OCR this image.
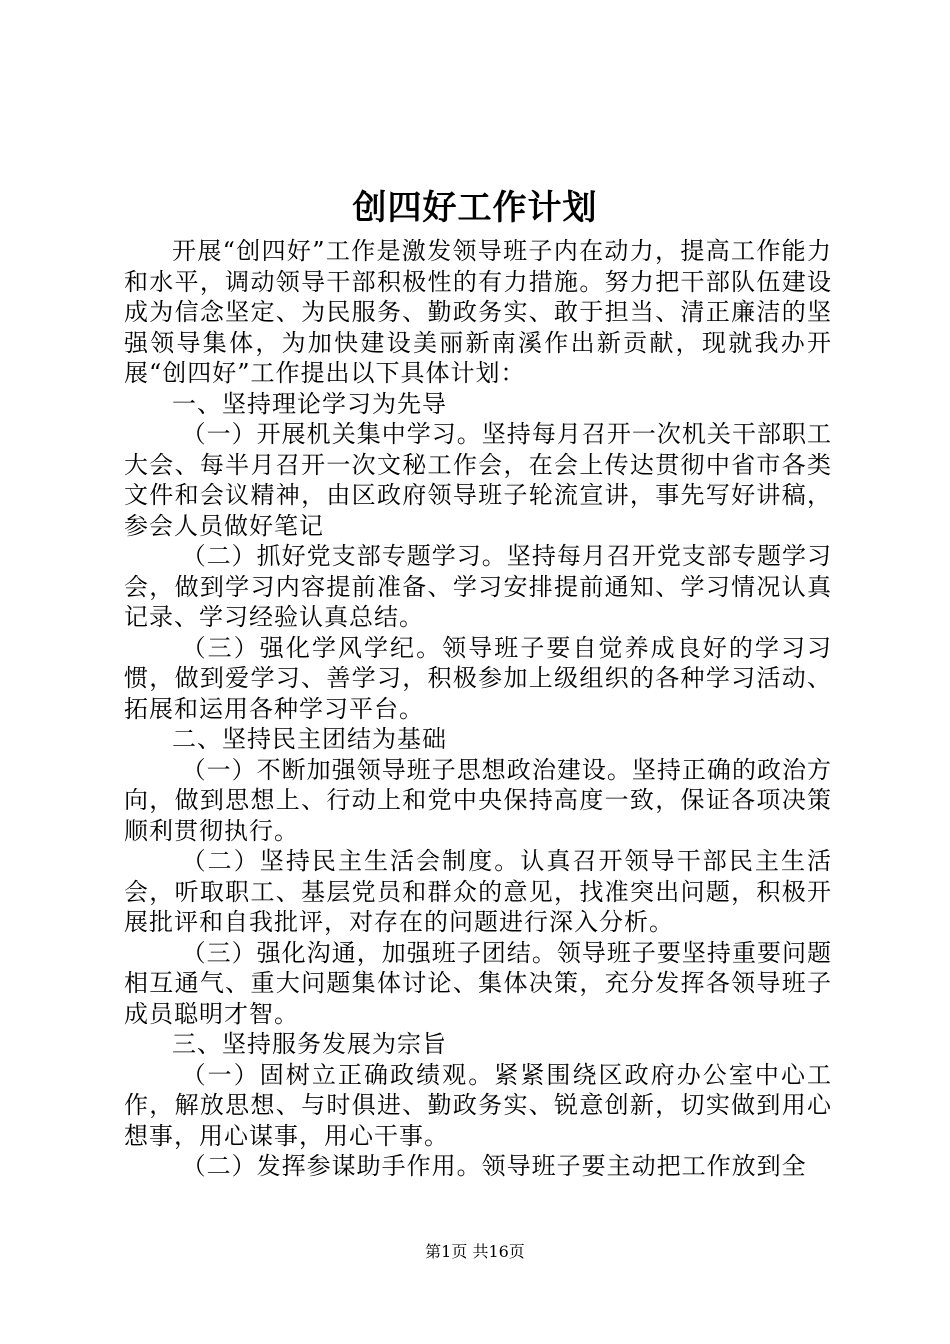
创四好工作计划

开展“创四好”工作是激发领导班子内在动力，提高工作能力和水平，调动领导干部积极性的有力措施。努力把干部队伍建设成为信念坚定、为民服务、勤政务实、敢于担当、清正廉洁的坚强领导集体，为加快建设美丽新南溪作出新贡献，现就我办开展“创四好”工作提出以下具体计划：

一、坚持理论学习为先导

（一）开展机关集中学习。坚持每月召开一次机关干部职工大会、每半月召开一次文秘工作会，在会上传达贯彻中省市各类文件和会议精神，由区政府领导班子轮流宣讲，事先写好讲稿，参会人员做好笔记

（二）抓好党支部专题学习。坚持每月召开党支部专题学习会，做到学习内容提前准备、学习安排提前通知、学习情况认真记录、学习经验认真总结。

（三）强化学风学纪。领导班子要自觉养成良好的学习习惯，做到爱学习、善学习，积极参加上级组织的各种学习活动、拓展和运用各种学习平台。

二、坚持民主团结为基础

（一）不断加强领导班子思想政治建设。坚持正确的政治方向，做到思想上、行动上和党中央保持高度一致，保证各项决策顺利贯彻执行。

（二）坚持民主生活会制度。认真召开领导干部民主生活会，听取职工、基层党员和群众的意见，找准突出问题，积极开展批评和自我批评，对存在的问题进行深入分析。

（三）强化沟通，加强班子团结。领导班子要坚持重要问题相互通气、重大问题集体讨论、集体决策，充分发挥各领导班子成员聪明才智。

三、坚持服务发展为宗旨

（一）固树立正确政绩观。紧紧围绕区政府办公室中心工作，解放思想、与时俱进、勤政务实、锐意创新，切实做到用心想事，用心谋事，用心干事。

（二）发挥参谋助手作用。领导班子要主动把工作放到全

第1页 共16页
